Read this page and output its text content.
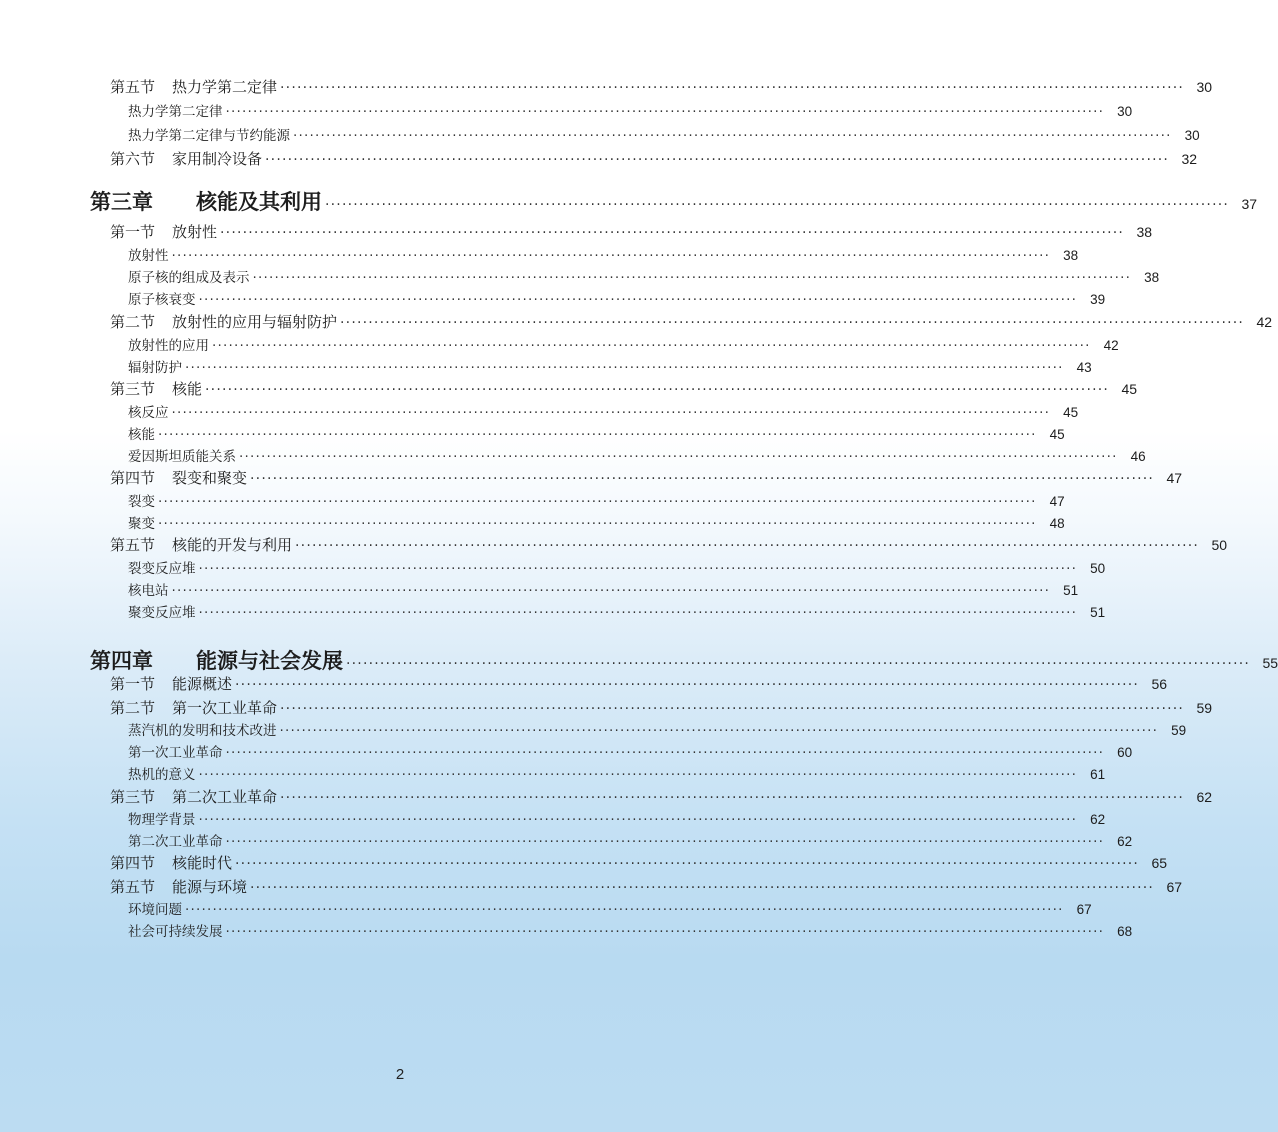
第五节 热力学第二定律 ································································································································································ 30
热力学第二定律 ································································································································································ 30
热力学第二定律与节约能源 ································································································································································ 30
第六节 家用制冷设备 ································································································································································ 32
第三章 核能及其利用 ································································································································································ 37
第一节 放射性 ································································································································································ 38
放射性 ································································································································································ 38
原子核的组成及表示 ································································································································································ 38
原子核衰变 ································································································································································ 39
第二节 放射性的应用与辐射防护 ································································································································································ 42
放射性的应用 ································································································································································ 42
辐射防护 ································································································································································ 43
第三节 核能 ································································································································································ 45
核反应 ································································································································································ 45
核能 ································································································································································ 45
爱因斯坦质能关系 ································································································································································ 46
第四节 裂变和聚变 ································································································································································ 47
裂变 ································································································································································ 47
聚变 ································································································································································ 48
第五节 核能的开发与利用 ································································································································································ 50
裂变反应堆 ································································································································································ 50
核电站 ································································································································································ 51
聚变反应堆 ································································································································································ 51
第四章 能源与社会发展 ································································································································································ 55
第一节 能源概述 ································································································································································ 56
第二节 第一次工业革命 ································································································································································ 59
蒸汽机的发明和技术改进 ································································································································································ 59
第一次工业革命 ································································································································································ 60
热机的意义 ································································································································································ 61
第三节 第二次工业革命 ································································································································································ 62
物理学背景 ································································································································································ 62
第二次工业革命 ································································································································································ 62
第四节 核能时代 ································································································································································ 65
第五节 能源与环境 ································································································································································ 67
环境问题 ································································································································································ 67
社会可持续发展 ································································································································································ 68
2
